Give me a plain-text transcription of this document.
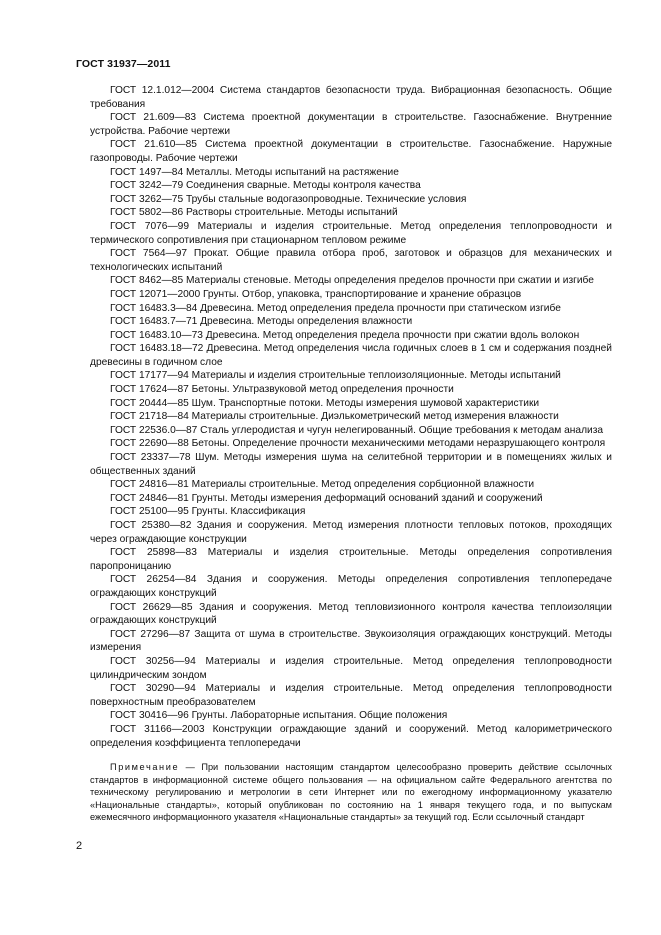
ГОСТ 31937—2011

ГОСТ 12.1.012—2004 Система стандартов безопасности труда. Вибрационная безопасность. Общие требования

ГОСТ 21.609—83 Система проектной документации в строительстве. Газоснабжение. Внутренние устройства. Рабочие чертежи

ГОСТ 21.610—85 Система проектной документации в строительстве. Газоснабжение. Наружные газопроводы. Рабочие чертежи

ГОСТ 1497—84 Металлы. Методы испытаний на растяжение

ГОСТ 3242—79 Соединения сварные. Методы контроля качества

ГОСТ 3262—75 Трубы стальные водогазопроводные. Технические условия

ГОСТ 5802—86 Растворы строительные. Методы испытаний

ГОСТ 7076—99 Материалы и изделия строительные. Метод определения теплопроводности и термического сопротивления при стационарном тепловом режиме

ГОСТ 7564—97 Прокат. Общие правила отбора проб, заготовок и образцов для механических и технологических испытаний

ГОСТ 8462—85 Материалы стеновые. Методы определения пределов прочности при сжатии и изгибе

ГОСТ 12071—2000 Грунты. Отбор, упаковка, транспортирование и хранение образцов

ГОСТ 16483.3—84 Древесина. Метод определения предела прочности при статическом изгибе

ГОСТ 16483.7—71 Древесина. Методы определения влажности

ГОСТ 16483.10—73 Древесина. Метод определения предела прочности при сжатии вдоль волокон

ГОСТ 16483.18—72 Древесина. Метод определения числа годичных слоев в 1 см и содержания поздней древесины в годичном слое

ГОСТ 17177—94 Материалы и изделия строительные теплоизоляционные. Методы испытаний

ГОСТ 17624—87 Бетоны. Ультразвуковой метод определения прочности

ГОСТ 20444—85 Шум. Транспортные потоки. Методы измерения шумовой характеристики

ГОСТ 21718—84 Материалы строительные. Диэлькометрический метод измерения влажности

ГОСТ 22536.0—87 Сталь углеродистая и чугун нелегированный. Общие требования к методам анализа

ГОСТ 22690—88 Бетоны. Определение прочности механическими методами неразрушающего контроля

ГОСТ 23337—78 Шум. Методы измерения шума на селитебной территории и в помещениях жилых и общественных зданий

ГОСТ 24816—81 Материалы строительные. Метод определения сорбционной влажности

ГОСТ 24846—81 Грунты. Методы измерения деформаций оснований зданий и сооружений

ГОСТ 25100—95 Грунты. Классификация

ГОСТ 25380—82 Здания и сооружения. Метод измерения плотности тепловых потоков, проходящих через ограждающие конструкции

ГОСТ 25898—83 Материалы и изделия строительные. Методы определения сопротивления паропроницанию

ГОСТ 26254—84 Здания и сооружения. Методы определения сопротивления теплопередаче ограждающих конструкций

ГОСТ 26629—85 Здания и сооружения. Метод тепловизионного контроля качества теплоизоляции ограждающих конструкций

ГОСТ 27296—87 Защита от шума в строительстве. Звукоизоляция ограждающих конструкций. Методы измерения

ГОСТ 30256—94 Материалы и изделия строительные. Метод определения теплопроводности цилиндрическим зондом

ГОСТ 30290—94 Материалы и изделия строительные. Метод определения теплопроводности поверхностным преобразователем

ГОСТ 30416—96 Грунты. Лабораторные испытания. Общие положения

ГОСТ 31166—2003 Конструкции ограждающие зданий и сооружений. Метод калориметрического определения коэффициента теплопередачи

Примечание — При пользовании настоящим стандартом целесообразно проверить действие ссылочных стандартов в информационной системе общего пользования — на официальном сайте Федерального агентства по техническому регулированию и метрологии в сети Интернет или по ежегодному информационному указателю «Национальные стандарты», который опубликован по состоянию на 1 января текущего года, и по выпускам ежемесячного информационного указателя «Национальные стандарты» за текущий год. Если ссылочный стандарт

2
